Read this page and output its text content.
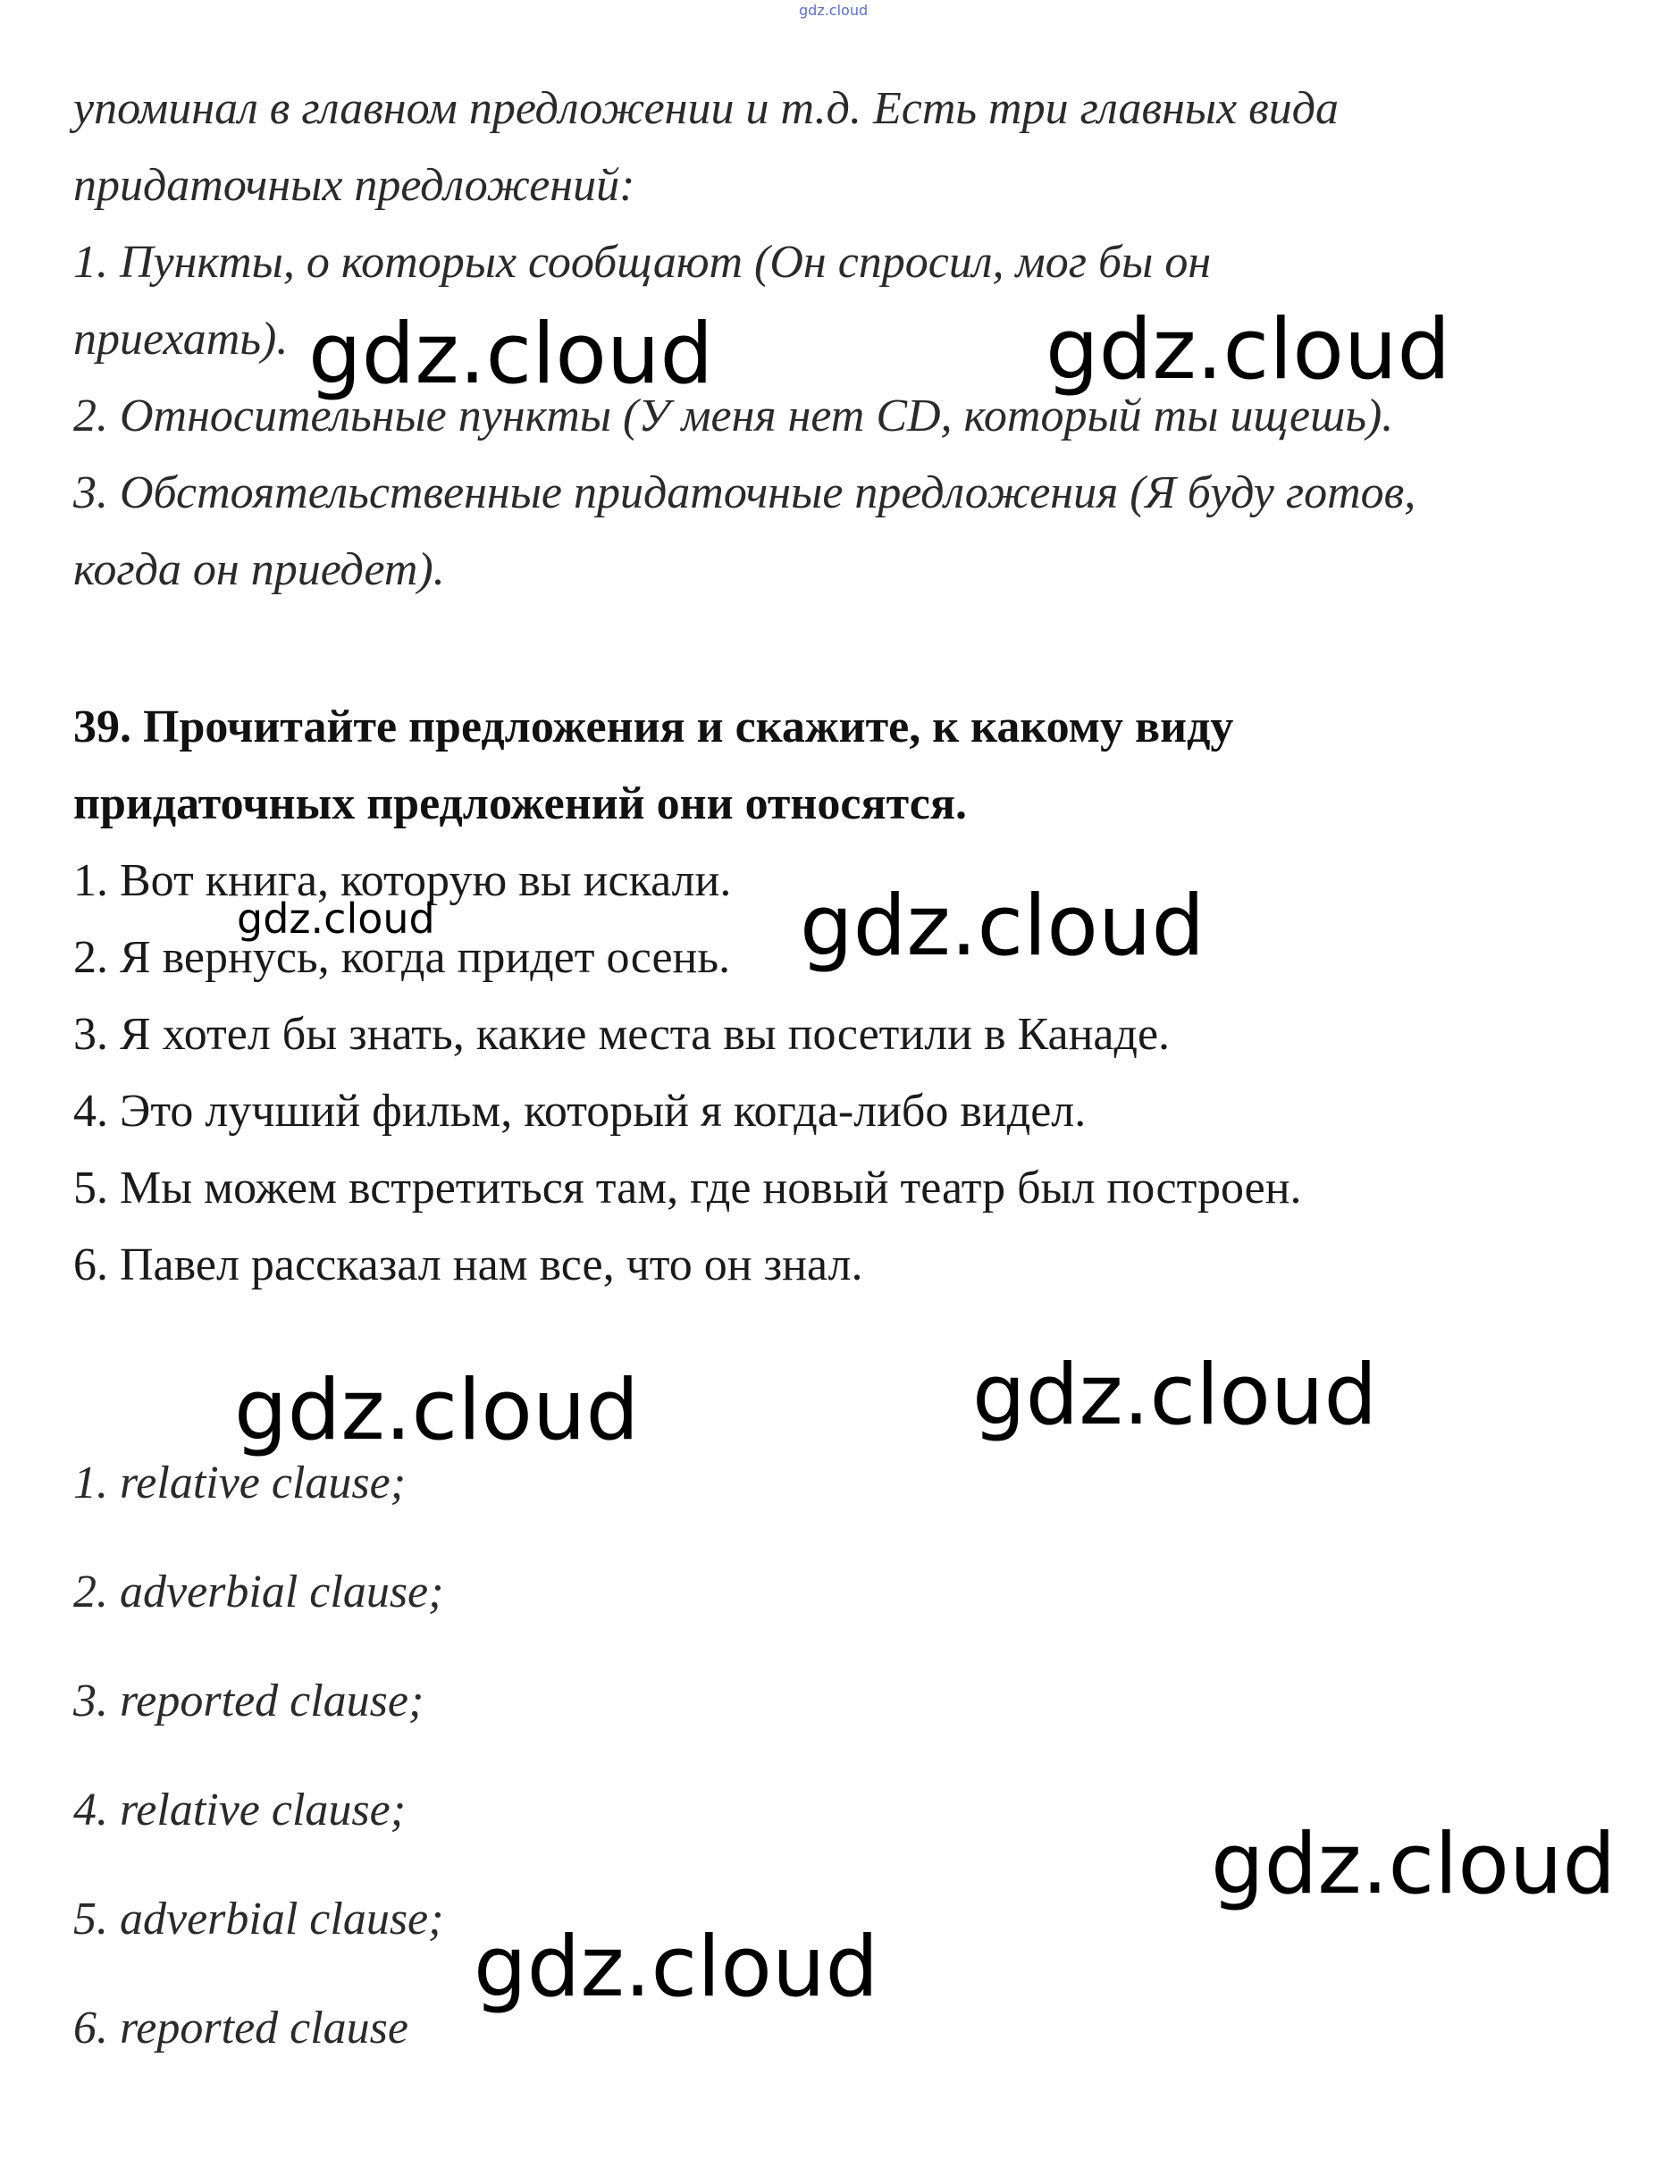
gdz.cloud
упоминал в главном предложении и т.д. Есть три главных вида
придаточных предложений:
1. Пункты, о которых сообщают (Он спросил, мог бы он
приехать).
2. Относительные пункты (У меня нет CD, который ты ищешь).
3. Обстоятельственные придаточные предложения (Я буду готов,
когда он приедет).
39. Прочитайте предложения и скажите, к какому виду
придаточных предложений они относятся.
1. Вот книга, которую вы искали.
2. Я вернусь, когда придет осень.
3. Я хотел бы знать, какие места вы посетили в Канаде.
4. Это лучший фильм, который я когда-либо видел.
5. Мы можем встретиться там, где новый театр был построен.
6. Павел рассказал нам все, что он знал.
1. relative clause;
2. adverbial clause;
3. reported clause;
4. relative clause;
5. adverbial clause;
6. reported clause
gdz.cloud	gdz.cloud
gdz.cloud	gdz.cloud
gdz.cloud	gdz.cloud
gdz.cloud
gdz.cloud
